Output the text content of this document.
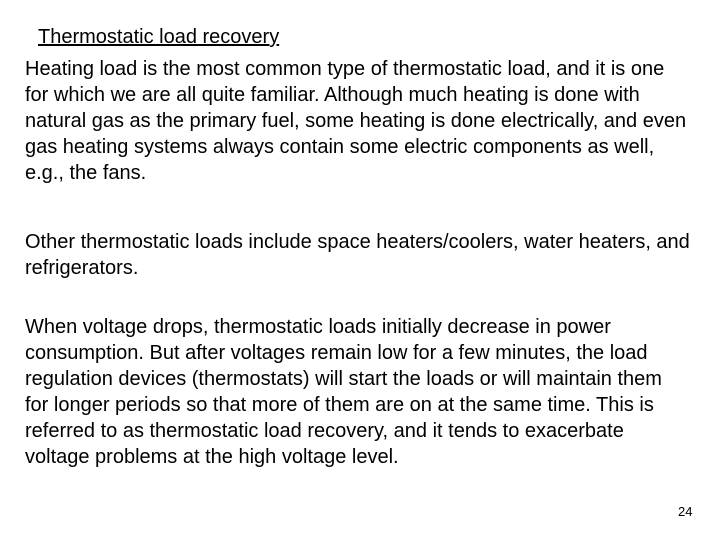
Thermostatic load recovery

Heating load is the most common type of thermostatic load, and it is one for which we are all quite familiar. Although much heating is done with natural gas as the primary fuel, some heating is done electrically, and even gas heating systems always contain some electric components as well, e.g., the fans.

Other thermostatic loads include space heaters/coolers, water heaters, and refrigerators.

When voltage drops, thermostatic loads initially decrease in power consumption. But after voltages remain low for a few minutes, the load regulation devices (thermostats) will start the loads or will maintain them for longer periods so that more of them are on at the same time. This is referred to as thermostatic load recovery, and it tends to exacerbate voltage problems at the high voltage level.

24
